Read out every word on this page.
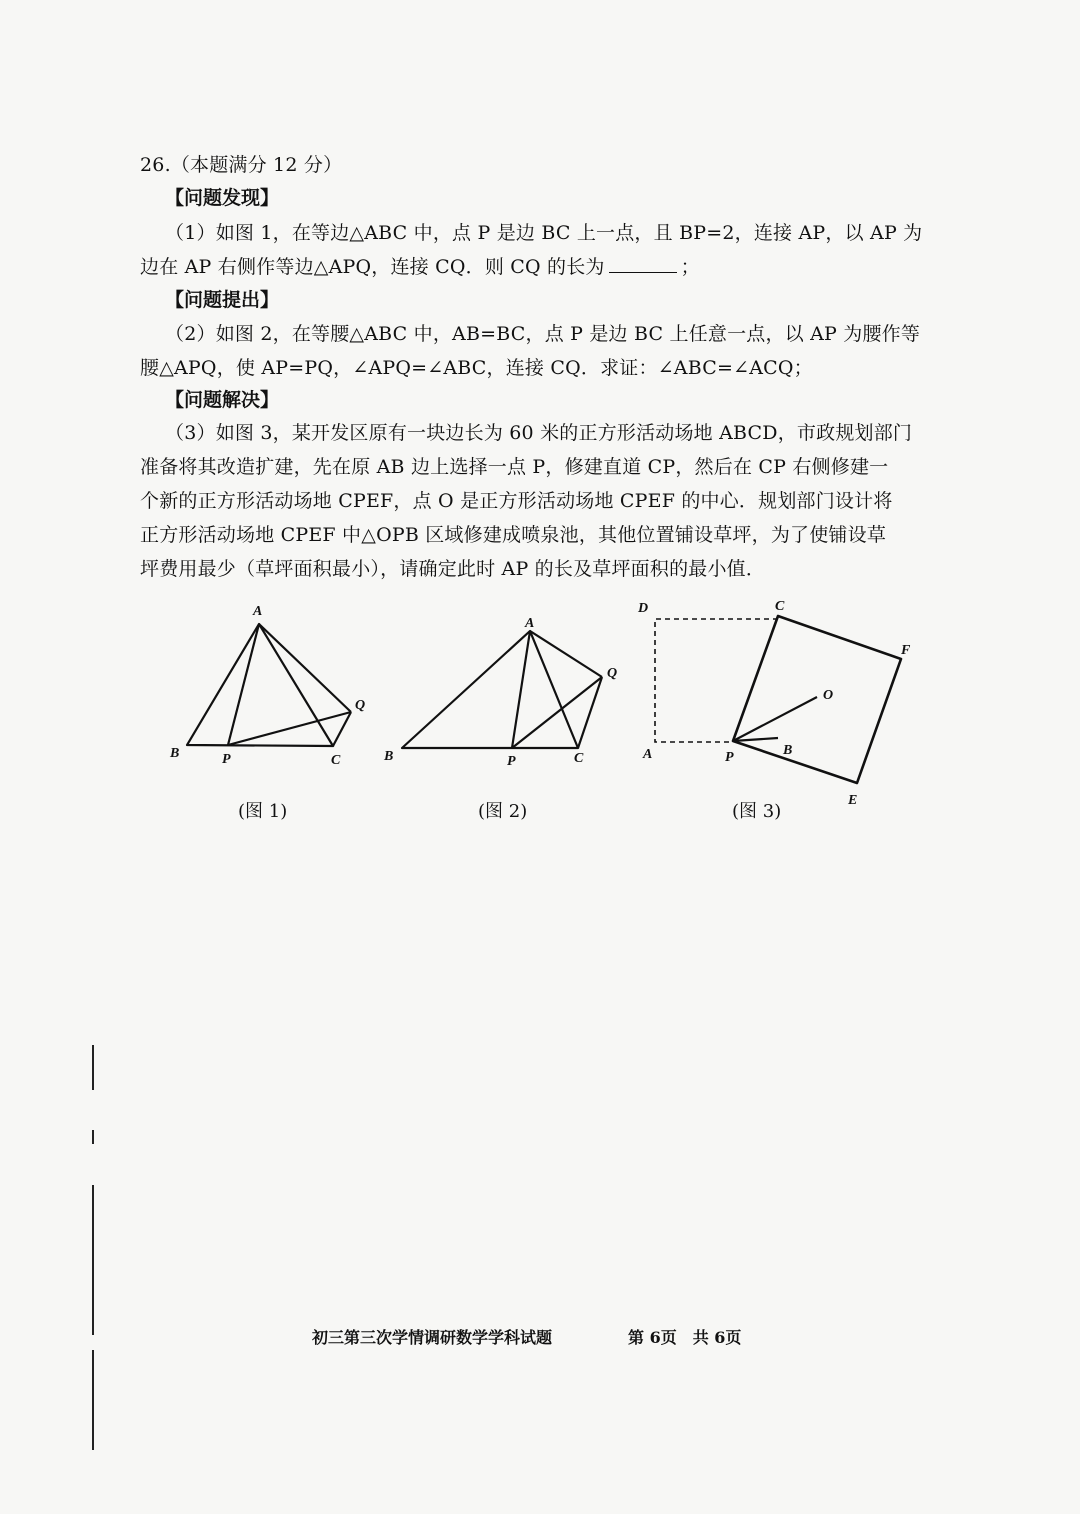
26.（本题满分 12 分）
【问题发现】
（1）如图 1，在等边△ABC 中，点 P 是边 BC 上一点，且 BP=2，连接 AP，以 AP 为
边在 AP 右侧作等边△APQ，连接 CQ．则 CQ 的长为	；
【问题提出】
（2）如图 2，在等腰△ABC 中，AB=BC，点 P 是边 BC 上任意一点，以 AP 为腰作等
腰△APQ，使 AP=PQ，∠APQ=∠ABC，连接 CQ．求证：∠ABC=∠ACQ；
【问题解决】
（3）如图 3，某开发区原有一块边长为 60 米的正方形活动场地 ABCD，市政规划部门
准备将其改造扩建，先在原 AB 边上选择一点 P，修建直道 CP，然后在 CP 右侧修建一
个新的正方形活动场地 CPEF，点 O 是正方形活动场地 CPEF 的中心．规划部门设计将
正方形活动场地 CPEF 中△OPB 区域修建成喷泉池，其他位置铺设草坪，为了使铺设草
坪费用最少（草坪面积最小），请确定此时 AP 的长及草坪面积的最小值．
A
B	P	C
Q
A
B	P	C
Q
D	C
F
O
A	P	B
E
(图 1)	(图 2)	(图 3)
初三第三次学情调研数学学科试题	第 6页　共 6页
